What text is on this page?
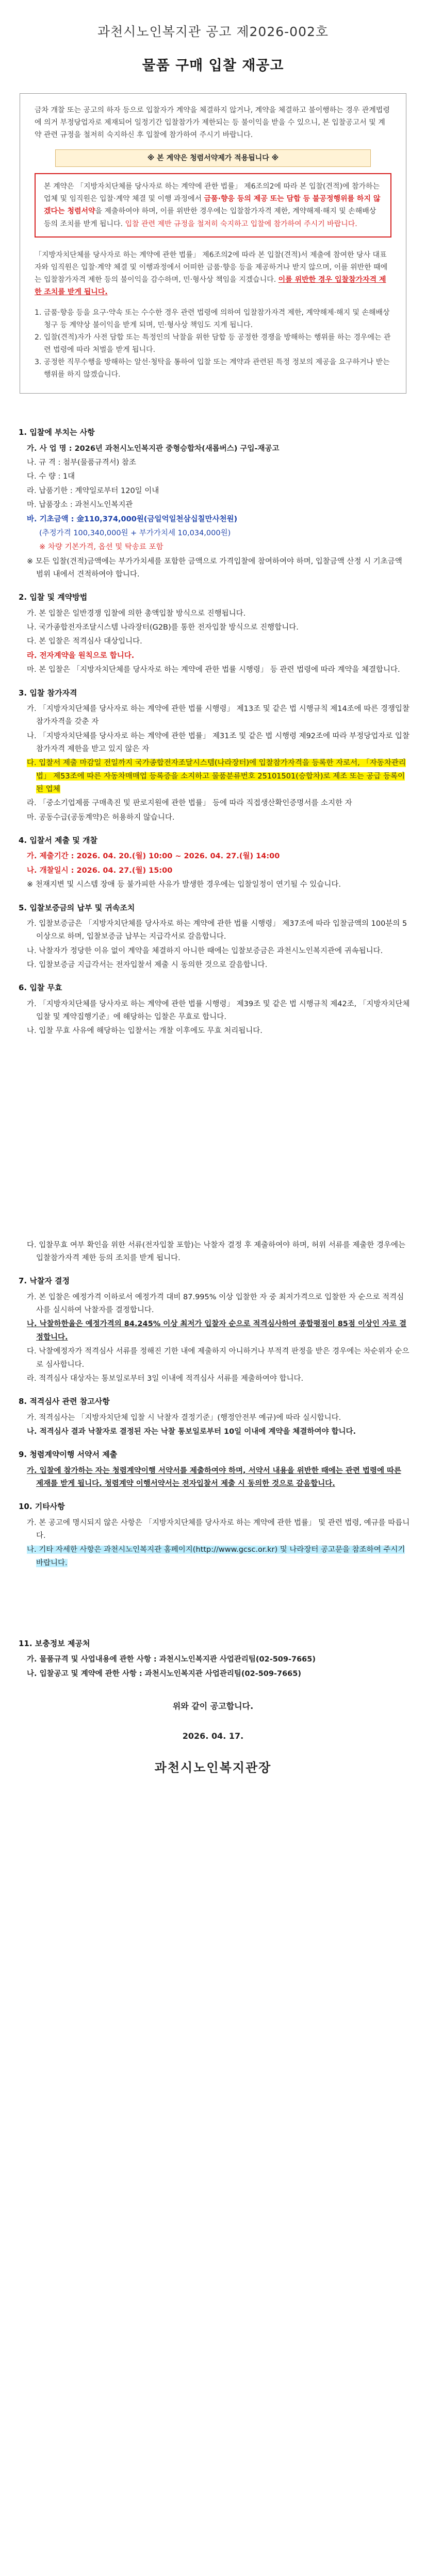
과천시노인복지관 공고 제2026-002호
물품 구매 입찰 재공고
금차 개찰 또는 공고의 하자 등으로 입찰자가 계약을 체결하지 않거나, 계약을 체결하고 불이행하는 경우 관계법령에 의거 부정당업자로 제재되어 일정기간 입찰참가가 제한되는 등 불이익을 받을 수 있으니, 본 입찰공고서 및 계약 관련 규정을 철저히 숙지하신 후 입찰에 참가하여 주시기 바랍니다.
※ 본 계약은 청렴서약제가 적용됩니다 ※
본 계약은 「지방자치단체를 당사자로 하는 계약에 관한 법률」 제6조의2에 따라 본 입찰(견적)에 참가하는 업체 및 임직원은 입찰·계약 체결 및 이행 과정에서 금품·향응 등의 제공 또는 담합 등 불공정행위를 하지 않겠다는 청렴서약을 제출하여야 하며, 이를 위반한 경우에는 입찰참가자격 제한, 계약해제·해지 및 손해배상 등의 조치를 받게 됩니다. 입찰 관련 제반 규정을 철저히 숙지하고 입찰에 참가하여 주시기 바랍니다.
「지방자치단체를 당사자로 하는 계약에 관한 법률」 제6조의2에 따라 본 입찰(견적)서 제출에 참여한 당사 대표자와 임직원은 입찰·계약 체결 및 이행과정에서 어떠한 금품·향응 등을 제공하거나 받지 않으며, 이를 위반한 때에는 입찰참가자격 제한 등의 불이익을 감수하며, 민·형사상 책임을 지겠습니다. 이를 위반한 경우 입찰참가자격 제한 조치를 받게 됩니다.
1. 금품·향응 등을 요구·약속 또는 수수한 경우 관련 법령에 의하여 입찰참가자격 제한, 계약해제·해지 및 손해배상 청구 등 계약상 불이익을 받게 되며, 민·형사상 책임도 지게 됩니다.
2. 입찰(견적)자가 사전 담합 또는 특정인의 낙찰을 위한 담합 등 공정한 경쟁을 방해하는 행위를 하는 경우에는 관련 법령에 따라 처벌을 받게 됩니다.
3. 공정한 직무수행을 방해하는 알선·청탁을 통하여 입찰 또는 계약과 관련된 특정 정보의 제공을 요구하거나 받는 행위를 하지 않겠습니다.
1. 입찰에 부치는 사항
가. 사 업 명 : 2026년 과천시노인복지관 중형승합차(새롭버스) 구입-재공고
나. 규 격 : 첨부(물품규격서) 참조
다. 수 량 : 1대
라. 납품기한 : 계약일로부터 120일 이내
마. 납품장소 : 과천시노인복지관
바. 기초금액 : 金110,374,000원(금일억일천삼십칠만사천원)
(추정가격 100,340,000원 + 부가가치세 10,034,000원)
※ 차량 기본가격, 옵션 및 탁송료 포함
※ 모든 입찰(견적)금액에는 부가가치세를 포함한 금액으로 가격입찰에 참여하여야 하며, 입찰금액 산정 시 기초금액 범위 내에서 견적하여야 합니다.
2. 입찰 및 계약방법
가. 본 입찰은 일반경쟁 입찰에 의한 총액입찰 방식으로 진행됩니다.
나. 국가종합전자조달시스템 나라장터(G2B)를 통한 전자입찰 방식으로 진행합니다.
다. 본 입찰은 적격심사 대상입니다.
라. 전자계약을 원칙으로 합니다.
마. 본 입찰은 「지방자치단체를 당사자로 하는 계약에 관한 법률 시행령」 등 관련 법령에 따라 계약을 체결합니다.
3. 입찰 참가자격
가. 「지방자치단체를 당사자로 하는 계약에 관한 법률 시행령」 제13조 및 같은 법 시행규칙 제14조에 따른 경쟁입찰 참가자격을 갖춘 자
나. 「지방자치단체를 당사자로 하는 계약에 관한 법률」 제31조 및 같은 법 시행령 제92조에 따라 부정당업자로 입찰참가자격 제한을 받고 있지 않은 자
다. 입찰서 제출 마감일 전일까지 국가종합전자조달시스템(나라장터)에 입찰참가자격을 등록한 자로서, 「자동차관리법」 제53조에 따른 자동차매매업 등록증을 소지하고 물품분류번호 25101501(승합차)로 제조 또는 공급 등록이 된 업체
라. 「중소기업제품 구매촉진 및 판로지원에 관한 법률」 등에 따라 직접생산확인증명서를 소지한 자
마. 공동수급(공동계약)은 허용하지 않습니다.
4. 입찰서 제출 및 개찰
가. 제출기간 : 2026. 04. 20.(월) 10:00 ~ 2026. 04. 27.(월) 14:00
나. 개찰일시 : 2026. 04. 27.(월) 15:00
※ 천재지변 및 시스템 장애 등 불가피한 사유가 발생한 경우에는 입찰일정이 연기될 수 있습니다.
5. 입찰보증금의 납부 및 귀속조치
가. 입찰보증금은 「지방자치단체를 당사자로 하는 계약에 관한 법률 시행령」 제37조에 따라 입찰금액의 100분의 5 이상으로 하며, 입찰보증금 납부는 지급각서로 갈음합니다.
나. 낙찰자가 정당한 이유 없이 계약을 체결하지 아니한 때에는 입찰보증금은 과천시노인복지관에 귀속됩니다.
다. 입찰보증금 지급각서는 전자입찰서 제출 시 동의한 것으로 갈음합니다.
6. 입찰 무효
가. 「지방자치단체를 당사자로 하는 계약에 관한 법률 시행령」 제39조 및 같은 법 시행규칙 제42조, 「지방자치단체 입찰 및 계약집행기준」에 해당하는 입찰은 무효로 합니다.
나. 입찰 무효 사유에 해당하는 입찰서는 개찰 이후에도 무효 처리됩니다.
다. 입찰무효 여부 확인을 위한 서류(전자입찰 포함)는 낙찰자 결정 후 제출하여야 하며, 허위 서류를 제출한 경우에는 입찰참가자격 제한 등의 조치를 받게 됩니다.
7. 낙찰자 결정
가. 본 입찰은 예정가격 이하로서 예정가격 대비 87.995% 이상 입찰한 자 중 최저가격으로 입찰한 자 순으로 적격심사를 실시하여 낙찰자를 결정합니다.
나. 낙찰하한율은 예정가격의 84.245% 이상 최저가 입찰자 순으로 적격심사하여 종합평점이 85점 이상인 자로 결정합니다.
다. 낙찰예정자가 적격심사 서류를 정해진 기한 내에 제출하지 아니하거나 부적격 판정을 받은 경우에는 차순위자 순으로 심사합니다.
라. 적격심사 대상자는 통보일로부터 3일 이내에 적격심사 서류를 제출하여야 합니다.
8. 적격심사 관련 참고사항
가. 적격심사는 「지방자치단체 입찰 시 낙찰자 결정기준」(행정안전부 예규)에 따라 실시합니다.
나. 적격심사 결과 낙찰자로 결정된 자는 낙찰 통보일로부터 10일 이내에 계약을 체결하여야 합니다.
9. 청렴계약이행 서약서 제출
가. 입찰에 참가하는 자는 청렴계약이행 서약서를 제출하여야 하며, 서약서 내용을 위반한 때에는 관련 법령에 따른 제재를 받게 됩니다. 청렴계약 이행서약서는 전자입찰서 제출 시 동의한 것으로 갈음합니다.
10. 기타사항
가. 본 공고에 명시되지 않은 사항은 「지방자치단체를 당사자로 하는 계약에 관한 법률」 및 관련 법령, 예규를 따릅니다.
나. 기타 자세한 사항은 과천시노인복지관 홈페이지(http://www.gcsc.or.kr) 및 나라장터 공고문을 참조하여 주시기 바랍니다.
11. 보충정보 제공처
가. 물품규격 및 사업내용에 관한 사항 : 과천시노인복지관 사업관리팀(02-509-7665)
나. 입찰공고 및 계약에 관한 사항 : 과천시노인복지관 사업관리팀(02-509-7665)
위와 같이 공고합니다.
2026. 04. 17.
과천시노인복지관장
